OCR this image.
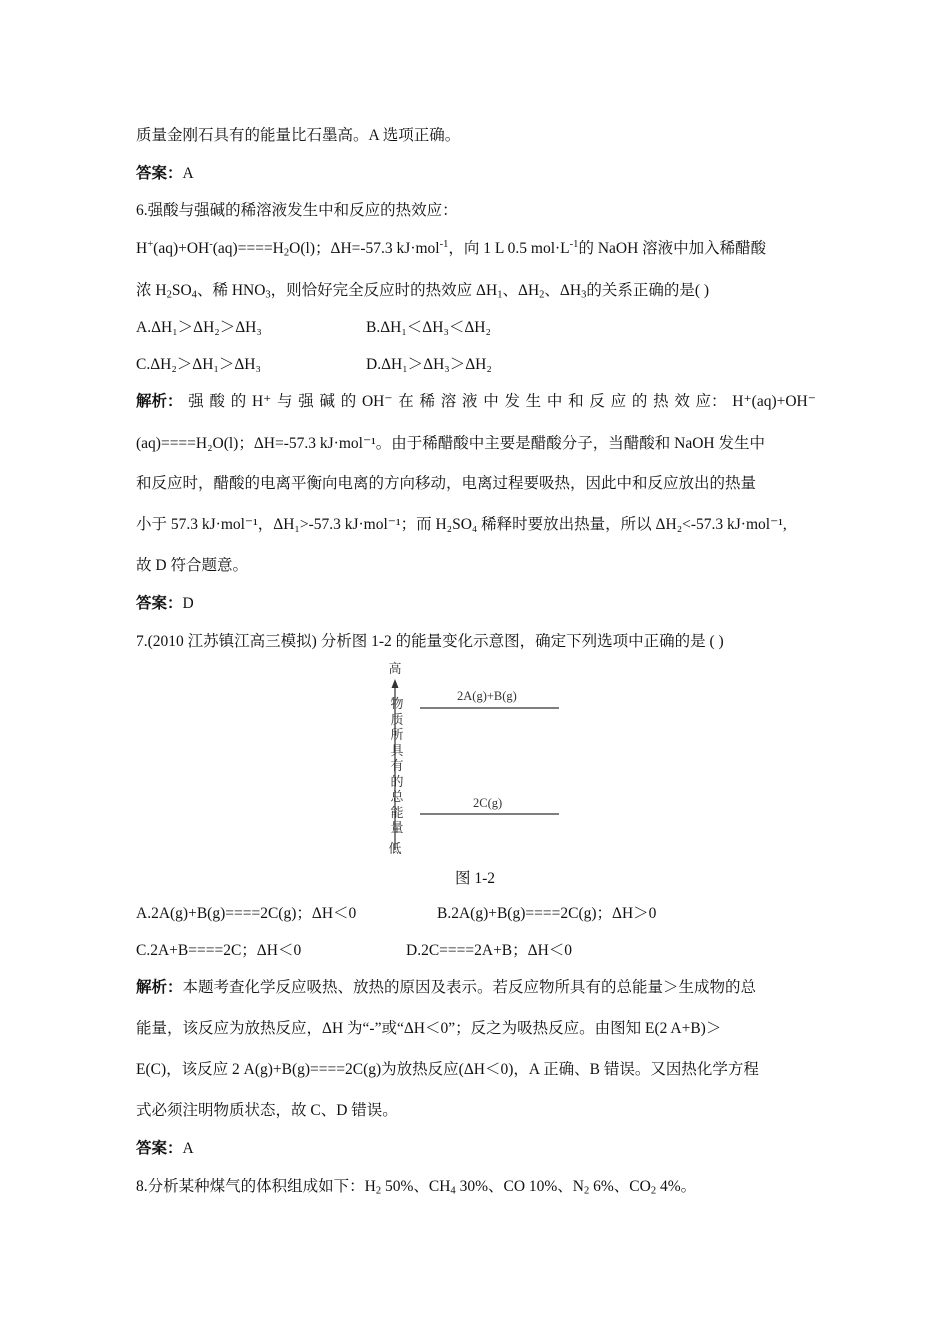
质量金刚石具有的能量比石墨高。A 选项正确。
答案：A
6.强酸与强碱的稀溶液发生中和反应的热效应：
$H^+(aq)+OH^-(aq)====H_2O(l)$；ΔH=-57.3 kJ·mol$^{-1}$，向 1 L 0.5 $mol\cdot L^{-1}$的 NaOH 溶液中加入稀醋酸
浓 $H_2SO_4$、稀 $HNO_3$，则恰好完全反应时的热效应 $\Delta H_1$、$\Delta H_2$、$\Delta H_3$的关系正确的是( )
A.ΔH₁＞ΔH₂＞ΔH₃	B.ΔH₁＜ΔH₃＜ΔH₂
C.ΔH₂＞ΔH₁＞ΔH₃	D.ΔH₁＞ΔH₃＞ΔH₂
解析： 强 酸 的 H⁺ 与 强 碱 的 OH⁻ 在 稀 溶 液 中 发 生 中 和 反 应 的 热 效 应： H⁺(aq)+OH⁻
(aq)====H₂O(l)；ΔH=-57.3 kJ·mol⁻¹。由于稀醋酸中主要是醋酸分子，当醋酸和 NaOH 发生中
和反应时，醋酸的电离平衡向电离的方向移动，电离过程要吸热，因此中和反应放出的热量
小于 57.3 kJ·mol⁻¹，ΔH₁>-57.3 kJ·mol⁻¹；而 H₂SO₄ 稀释时要放出热量，所以 ΔH₂<-57.3 kJ·mol⁻¹,
故 D 符合题意。
答案：D
7.(2010 江苏镇江高三模拟) 分析图 1-2 的能量变化示意图，确定下列选项中正确的是 ( )
高
物
质
所
具
有
的
总
能
量
低
2A(g)+B(g)
2C(g)
图 1-2
A.2A(g)+B(g)====2C(g)；ΔH＜0	B.2A(g)+B(g)====2C(g)；ΔH＞0
C.2A+B====2C；ΔH＜0	D.2C====2A+B；ΔH＜0
解析：本题考查化学反应吸热、放热的原因及表示。若反应物所具有的总能量＞生成物的总
能量，该反应为放热反应，ΔH 为“-”或“ΔH＜0”；反之为吸热反应。由图知 E(2 A+B)＞
E(C)，该反应 2 A(g)+B(g)====2C(g)为放热反应(ΔH＜0)，A 正确、B 错误。又因热化学方程
式必须注明物质状态，故 C、D 错误。
答案：A
8.分析某种煤气的体积组成如下：$H_2$ 50%、$CH_4$ 30%、CO 10%、$N_2$ 6%、$CO_2$ 4%。
